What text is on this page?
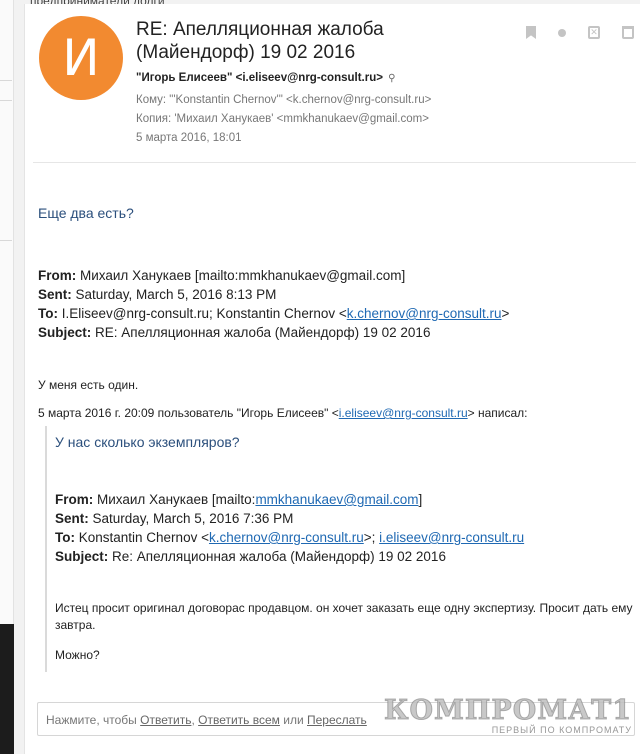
И	RE: Апелляционная жалоба (Майендорф) 19 02 2016
"Игорь Елисеев" <i.eliseev@nrg-consult.ru> ⚲
Кому: "'Konstantin Chernov'" <k.chernov@nrg-consult.ru>
Копия: 'Михаил Ханукаев' <mmkhanukaev@gmail.com>
5 марта 2016, 18:01
✕
Еще два есть?
From: Михаил Ханукаев [mailto:mmkhanukaev@gmail.com]
Sent: Saturday, March 5, 2016 8:13 PM
To: I.Eliseev@nrg-consult.ru; Konstantin Chernov <k.chernov@nrg-consult.ru>
Subject: RE: Апелляционная жалоба (Майендорф) 19 02 2016
У меня есть один.
5 марта 2016 г. 20:09 пользователь "Игорь Елисеев" <i.eliseev@nrg-consult.ru> написал:
У нас сколько экземпляров?
From: Михаил Ханукаев [mailto:mmkhanukaev@gmail.com]
Sent: Saturday, March 5, 2016 7:36 PM
To: Konstantin Chernov <k.chernov@nrg-consult.ru>; i.eliseev@nrg-consult.ru
Subject: Re: Апелляционная жалоба (Майендорф) 19 02 2016
Истец просит оригинал договорас продавцом. он хочет заказать еще одну экспертизу. Просит дать ему завтра.
Можно?
Нажмите, чтобы Ответить, Ответить всем или Переслать КОМПРОМАТ1
ПЕРВЫЙ ПО КОМПРОМАТУ
